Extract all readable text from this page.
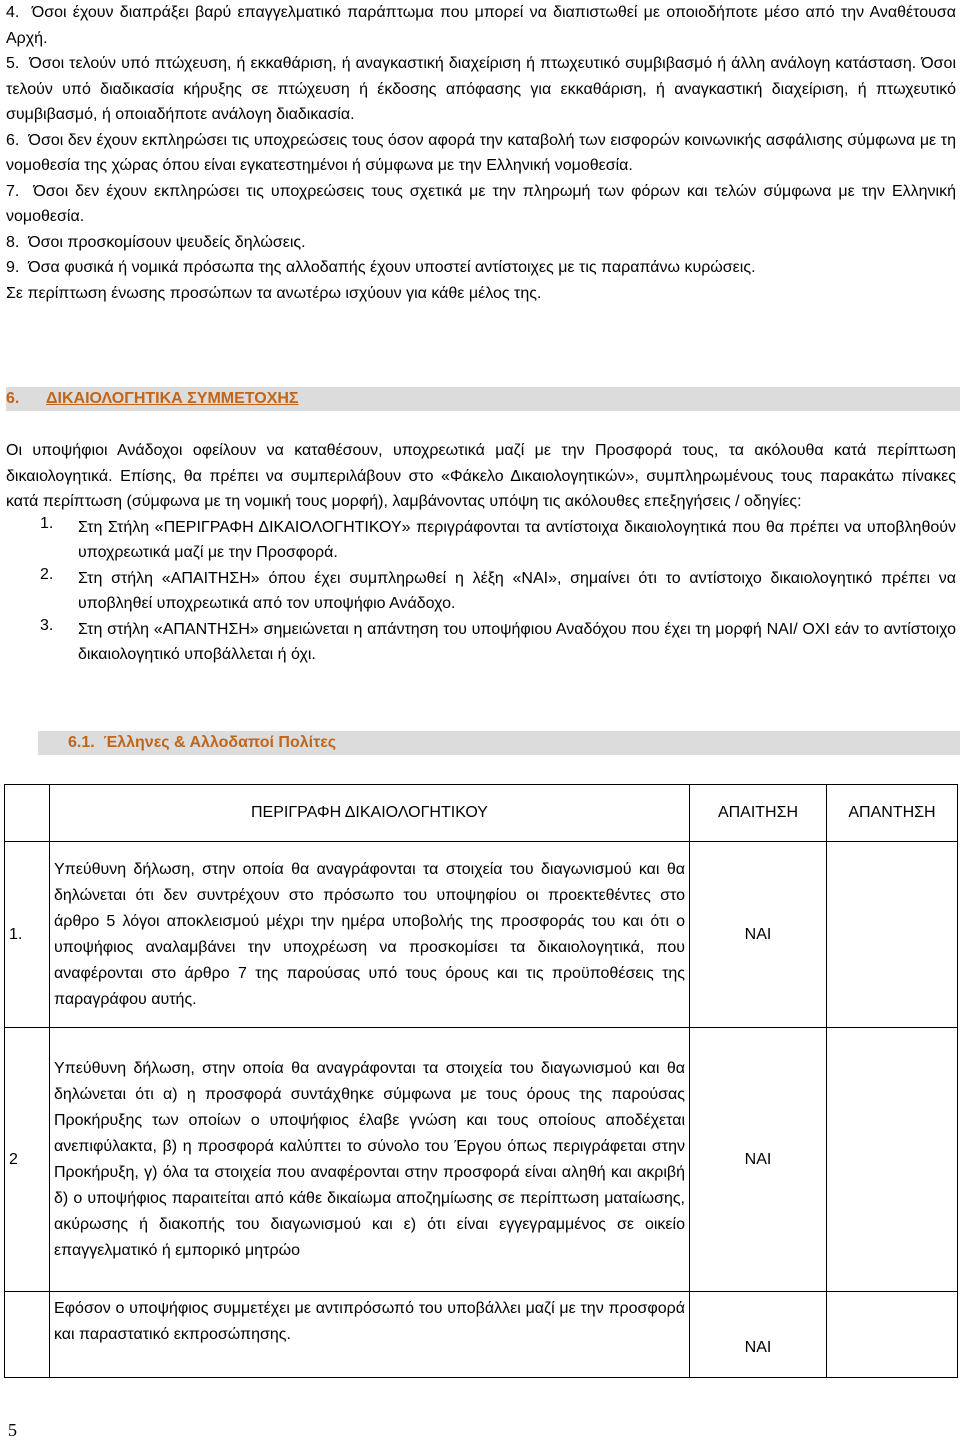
4. Όσοι έχουν διαπράξει βαρύ επαγγελματικό παράπτωμα που μπορεί να διαπιστωθεί με οποιοδήποτε μέσο από την Αναθέτουσα Αρχή.

5. Όσοι τελούν υπό πτώχευση, ή εκκαθάριση, ή αναγκαστική διαχείριση ή πτωχευτικό συμβιβασμό ή άλλη ανάλογη κατάσταση. Όσοι τελούν υπό διαδικασία κήρυξης σε πτώχευση ή έκδοσης απόφασης για εκκαθάριση, ή αναγκαστική διαχείριση, ή πτωχευτικό συμβιβασμό, ή οποιαδήποτε ανάλογη διαδικασία.

6. Όσοι δεν έχουν εκπληρώσει τις υποχρεώσεις τους όσον αφορά την καταβολή των εισφορών κοινωνικής ασφάλισης σύμφωνα με τη νομοθεσία της χώρας όπου είναι εγκατεστημένοι ή σύμφωνα με την Ελληνική νομοθεσία.

7. Όσοι δεν έχουν εκπληρώσει τις υποχρεώσεις τους σχετικά με την πληρωμή των φόρων και τελών σύμφωνα με την Ελληνική νομοθεσία.

8. Όσοι προσκομίσουν ψευδείς δηλώσεις.

9. Όσα φυσικά ή νομικά πρόσωπα της αλλοδαπής έχουν υποστεί αντίστοιχες με τις παραπάνω κυρώσεις.

Σε περίπτωση ένωσης προσώπων τα ανωτέρω ισχύουν για κάθε μέλος της.

6. ΔΙΚΑΙΟΛΟΓΗΤΙΚΑ ΣΥΜΜΕΤΟΧΗΣ

Οι υποψήφιοι Ανάδοχοι οφείλουν να καταθέσουν, υποχρεωτικά μαζί με την Προσφορά τους, τα ακόλουθα κατά περίπτωση δικαιολογητικά. Επίσης, θα πρέπει να συμπεριλάβουν στο «Φάκελο Δικαιολογητικών», συμπληρωμένους τους παρακάτω πίνακες κατά περίπτωση (σύμφωνα με τη νομική τους μορφή), λαμβάνοντας υπόψη τις ακόλουθες επεξηγήσεις / οδηγίες:

1. Στη Στήλη «ΠΕΡΙΓΡΑΦΗ ΔΙΚΑΙΟΛΟΓΗΤΙΚΟΥ» περιγράφονται τα αντίστοιχα δικαιολογητικά που θα πρέπει να υποβληθούν υποχρεωτικά μαζί με την Προσφορά.

2. Στη στήλη «ΑΠΑΙΤΗΣΗ» όπου έχει συμπληρωθεί η λέξη «ΝΑΙ», σημαίνει ότι το αντίστοιχο δικαιολογητικό πρέπει να υποβληθεί υποχρεωτικά από τον υποψήφιο Ανάδοχο.

3. Στη στήλη «ΑΠΑΝΤΗΣΗ» σημειώνεται η απάντηση του υποψήφιου Αναδόχου που έχει τη μορφή ΝΑΙ/ ΟΧΙ εάν το αντίστοιχο δικαιολογητικό υποβάλλεται ή όχι.

6.1. Έλληνες & Αλλοδαποί Πολίτες
	ΠΕΡΙΓΡΑΦΗ ΔΙΚΑΙΟΛΟΓΗΤΙΚΟΥ	ΑΠΑΙΤΗΣΗ	ΑΠΑΝΤΗΣΗ
1.	Υπεύθυνη δήλωση, στην οποία θα αναγράφονται τα στοιχεία του διαγωνισμού και θα δηλώνεται ότι δεν συντρέχουν στο πρόσωπο του υποψηφίου οι προεκτεθέντες στο άρθρο 5 λόγοι αποκλεισμού μέχρι την ημέρα υποβολής της προσφοράς του και ότι ο υποψήφιος αναλαμβάνει την υποχρέωση να προσκομίσει τα δικαιολογητικά, που αναφέρονται στο άρθρο 7 της παρούσας υπό τους όρους και τις προϋποθέσεις της παραγράφου αυτής.	ΝΑΙ	
2	Υπεύθυνη δήλωση, στην οποία θα αναγράφονται τα στοιχεία του διαγωνισμού και θα δηλώνεται ότι α) η προσφορά συντάχθηκε σύμφωνα με τους όρους της παρούσας Προκήρυξης των οποίων ο υποψήφιος έλαβε γνώση και τους οποίους αποδέχεται ανεπιφύλακτα, β) η προσφορά καλύπτει το σύνολο του Έργου όπως περιγράφεται στην Προκήρυξη, γ) όλα τα στοιχεία που αναφέρονται στην προσφορά είναι αληθή και ακριβή δ) ο υποψήφιος παραιτείται από κάθε δικαίωμα αποζημίωσης σε περίπτωση ματαίωσης, ακύρωσης ή διακοπής του διαγωνισμού και ε) ότι είναι εγγεγραμμένος σε οικείο επαγγελματικό ή εμπορικό μητρώο	ΝΑΙ	
	Εφόσον ο υποψήφιος συμμετέχει με αντιπρόσωπό του υποβάλλει μαζί με την προσφορά και παραστατικό εκπροσώπησης.	ΝΑΙ	
5
